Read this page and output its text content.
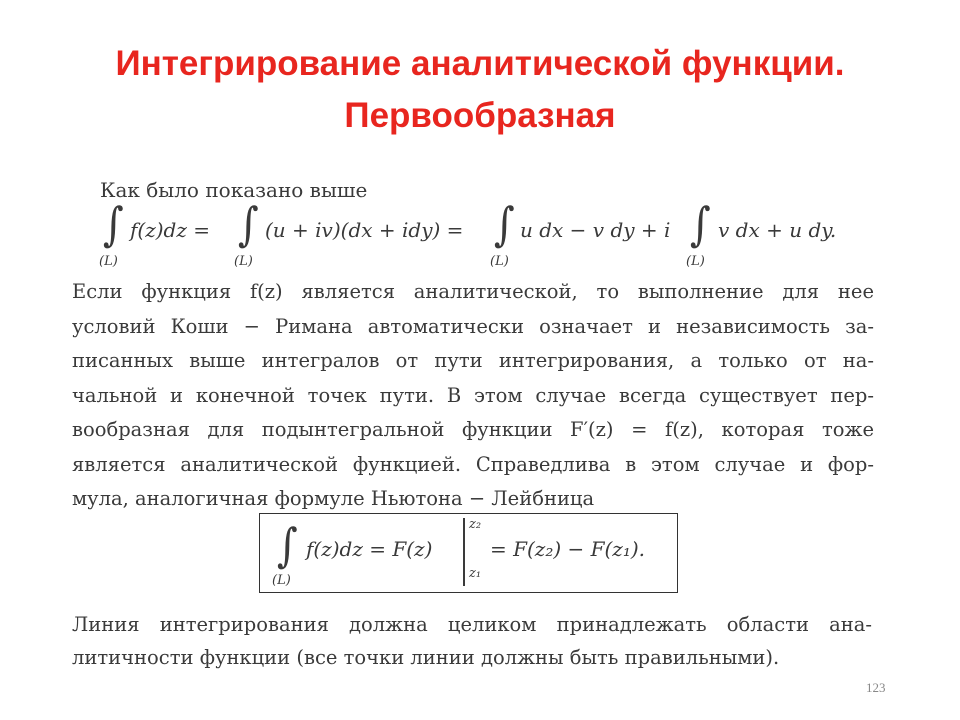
Интегрирование аналитической функции.
Первообразная
Как было показано выше
∫
(L)
f(z)dz = ∫
(L)
(u + iv)(dx + idy) = ∫
(L)
u dx − v dy + i ∫
(L)
v dx + u dy.
Если функция f(z) является аналитической, то выполнение для нее
условий Коши − Римана автоматически означает и независимость за-
писанных выше интегралов от пути интегрирования, а только от на-
чальной и конечной точек пути. В этом случае всегда существует пер-
вообразная для подынтегральной функции F′(z) = f(z), которая тоже
является аналитической функцией. Справедлива в этом случае и фор-
мула, аналогичная формуле Ньютона − Лейбница
∫
(L)
f(z)dz = F(z)
z₂
z₁
= F(z₂) − F(z₁).
Линия интегрирования должна целиком принадлежать области ана-
литичности функции (все точки линии должны быть правильными).
123
